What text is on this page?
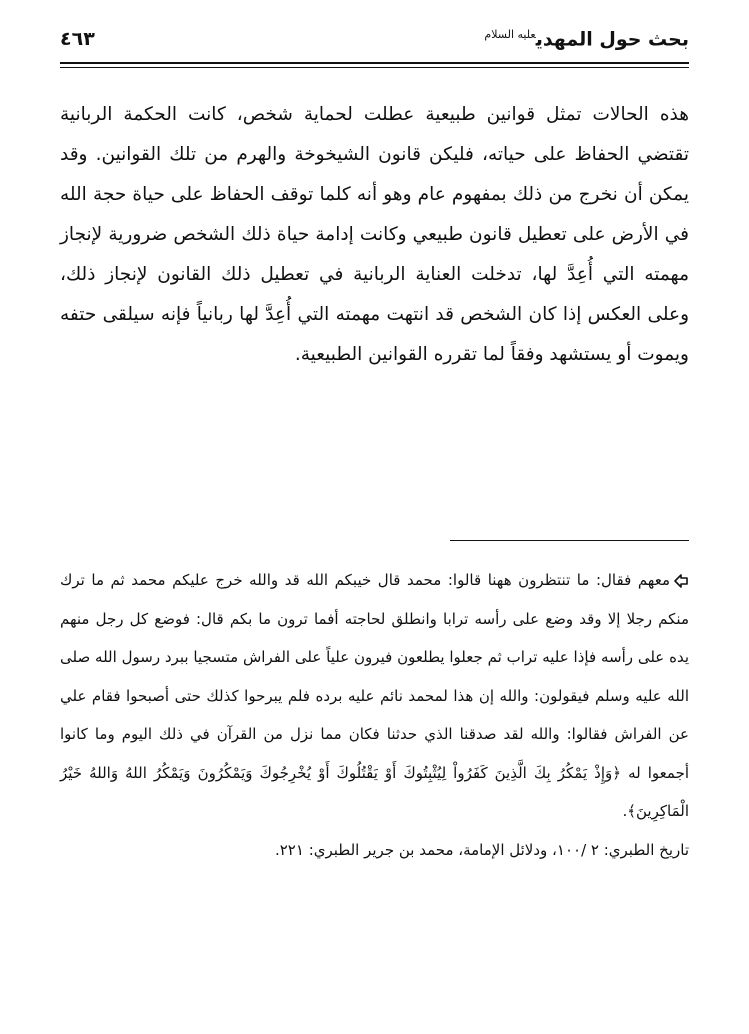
بحث حول المهدي$^{عليه السلام}$
٤٦٣
هذه الحالات تمثل قوانين طبيعية عطلت لحماية شخص، كانت الحكمة الربانية تقتضي الحفاظ على حياته، فليكن قانون الشيخوخة والهرم من تلك القوانين. وقد يمكن أن نخرج من ذلك بمفهوم عام وهو أنه كلما توقف الحفاظ على حياة حجة الله في الأرض على تعطيل قانون طبيعي وكانت إدامة حياة ذلك الشخص ضرورية لإنجاز مهمته التي أُعِدَّ لها، تدخلت العناية الربانية في تعطيل ذلك القانون لإنجاز ذلك، وعلى العكس إذا كان الشخص قد انتهت مهمته التي أُعِدَّ لها ربانياً فإنه سيلقى حتفه ويموت أو يستشهد وفقاً لما تقرره القوانين الطبيعية.

معهم فقال: ما تنتظرون ههنا قالوا: محمد قال خيبكم الله قد والله خرج عليكم محمد ثم ما ترك منكم رجلا إلا وقد وضع على رأسه ترابا وانطلق لحاجته أفما ترون ما بكم قال: فوضع كل رجل منهم يده على رأسه فإذا عليه تراب ثم جعلوا يطلعون فيرون علياً على الفراش متسجيا ببرد رسول الله صلى الله عليه وسلم فيقولون: والله إن هذا لمحمد نائم عليه برده فلم يبرحوا كذلك حتى أصبحوا فقام علي عن الفراش فقالوا: والله لقد صدقنا الذي حدثنا فكان مما نزل من القرآن في ذلك اليوم وما كانوا أجمعوا له ﴿وَإِذْ يَمْكُرُ بِكَ الَّذِينَ كَفَرُواْ لِيُثْبِتُوكَ أَوْ يَقْتُلُوكَ أَوْ يُخْرِجُوكَ وَيَمْكُرُونَ وَيَمْكُرُ اللهُ وَاللهُ خَيْرُ الْمَاكِرِينَ﴾.

تاريخ الطبري: ٢ /١٠٠، ودلائل الإمامة، محمد بن جرير الطبري: ٢٢١.
